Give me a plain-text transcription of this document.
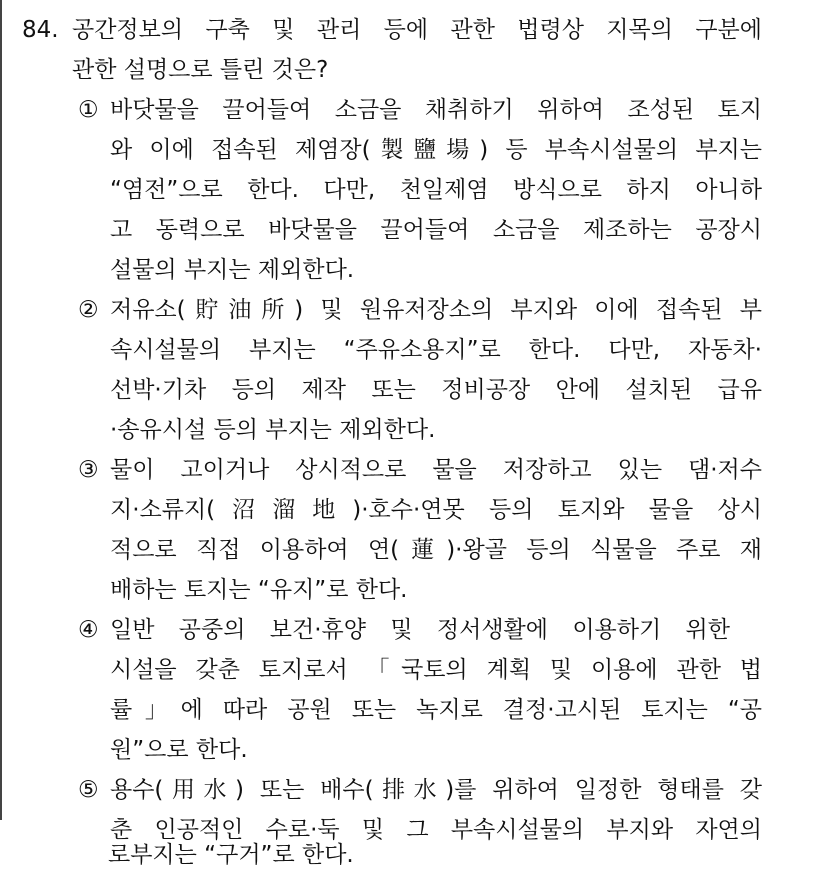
84. 공간정보의 구축 및 관리 등에 관한 법령상 지목의 구분에
관한 설명으로 틀린 것은?
① 바닷물을 끌어들여 소금을 채취하기 위하여 조성된 토지
와 이에 접속된 제염장(製鹽場) 등 부속시설물의 부지는
“염전”으로 한다. 다만, 천일제염 방식으로 하지 아니하
고 동력으로 바닷물을 끌어들여 소금을 제조하는 공장시
설물의 부지는 제외한다.
② 저유소(貯油所) 및 원유저장소의 부지와 이에 접속된 부
속시설물의 부지는 “주유소용지”로 한다. 다만, 자동차·
선박·기차 등의 제작 또는 정비공장 안에 설치된 급유
·송유시설 등의 부지는 제외한다.
③ 물이 고이거나 상시적으로 물을 저장하고 있는 댐·저수
지·소류지(沼溜地)·호수·연못 등의 토지와 물을 상시
적으로 직접 이용하여 연(蓮)·왕골 등의 식물을 주로 재
배하는 토지는 “유지”로 한다.
④ 일반 공중의 보건·휴양 및 정서생활에 이용하기 위한
시설을 갖춘 토지로서 「국토의 계획 및 이용에 관한 법
률」에 따라 공원 또는 녹지로 결정·고시된 토지는 “공
원”으로 한다.
⑤ 용수(用水) 또는 배수(排水)를 위하여 일정한 형태를 갖
춘 인공적인 수로·둑 및 그 부속시설물의 부지와 자연의
로부지는 “구거”로 한다.
